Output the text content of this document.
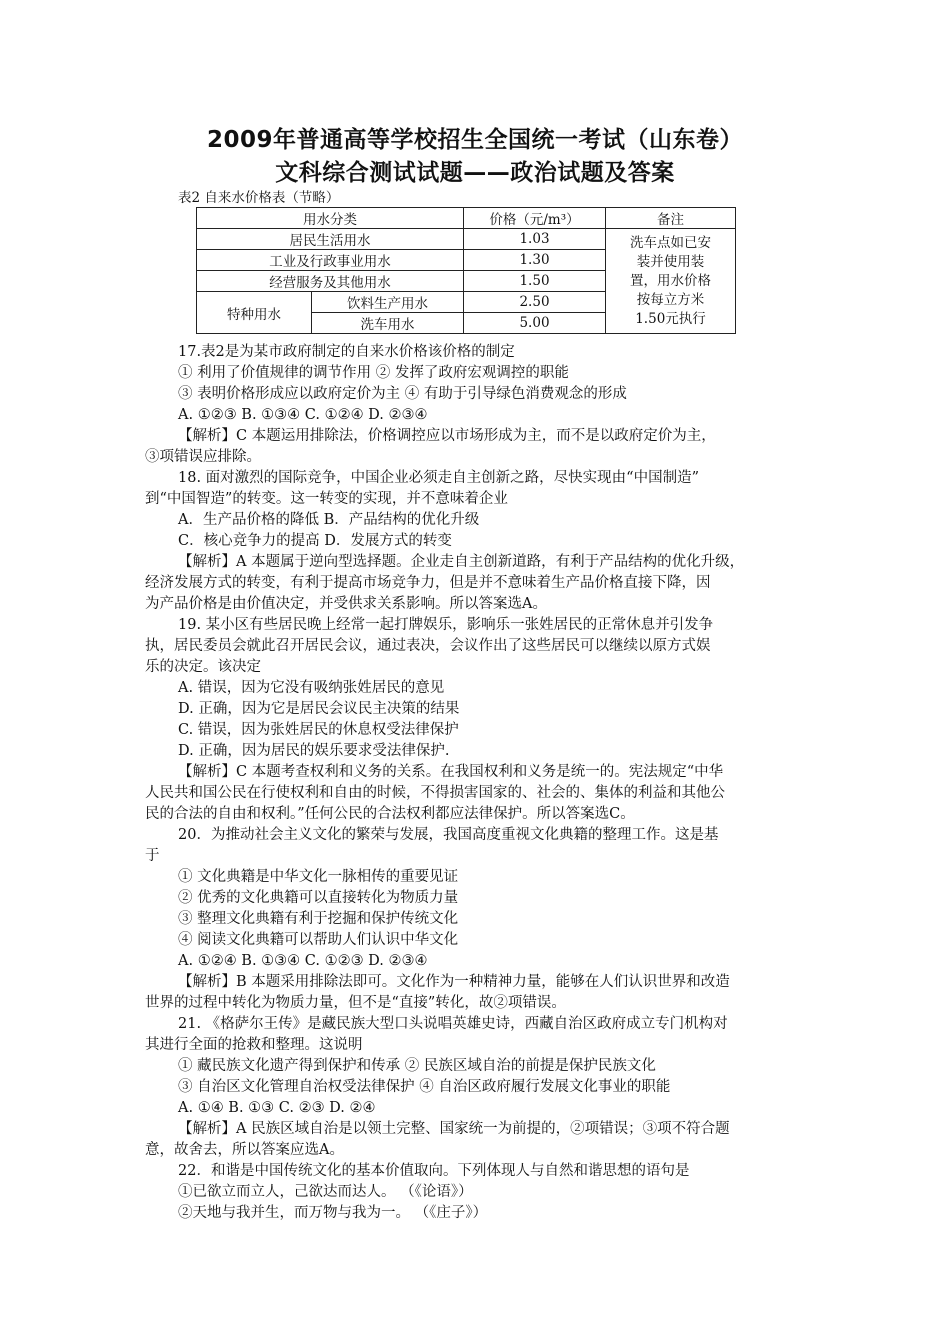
2009年普通高等学校招生全国统一考试（山东卷）
文科综合测试试题——政治试题及答案
表2 自来水价格表（节略）
用水分类		价格（元/m³）	备注
居民生活用水		1.03	洗车点如已安
装并使用装
置，用水价格
按每立方米
1.50元执行

工业及行政事业用水		1.30	
经营服务及其他用水		1.50	
特种用水	饮料生产用水	2.50	
	洗车用水	5.00	
17.表2是为某市政府制定的自来水价格该价格的制定
① 利用了价值规律的调节作用 ② 发挥了政府宏观调控的职能
③ 表明价格形成应以政府定价为主 ④ 有助于引导绿色消费观念的形成
A. ①②③ B. ①③④ C. ①②④ D. ②③④
【解析】C 本题运用排除法，价格调控应以市场形成为主，而不是以政府定价为主，
③项错误应排除。
18. 面对激烈的国际竞争，中国企业必须走自主创新之路，尽快实现由“中国制造”
到“中国智造”的转变。这一转变的实现，并不意味着企业
A．生产品价格的降低 B．产品结构的优化升级
C．核心竞争力的提高 D．发展方式的转变
【解析】A 本题属于逆向型选择题。企业走自主创新道路，有利于产品结构的优化升级，
经济发展方式的转变，有利于提高市场竞争力，但是并不意味着生产品价格直接下降，因
为产品价格是由价值决定，并受供求关系影响。所以答案选A。
19. 某小区有些居民晚上经常一起打牌娱乐，影响乐一张姓居民的正常休息并引发争
执，居民委员会就此召开居民会议，通过表决，会议作出了这些居民可以继续以原方式娱
乐的决定。该决定
A. 错误，因为它没有吸纳张姓居民的意见
D. 正确，因为它是居民会议民主决策的结果
C. 错误，因为张姓居民的休息权受法律保护
D. 正确，因为居民的娱乐要求受法律保护.
【解析】C 本题考查权利和义务的关系。在我国权利和义务是统一的。宪法规定“中华
人民共和国公民在行使权利和自由的时候，不得损害国家的、社会的、集体的利益和其他公
民的合法的自由和权利。”任何公民的合法权利都应法律保护。所以答案选C。
20．为推动社会主义文化的繁荣与发展，我国高度重视文化典籍的整理工作。这是基
于
① 文化典籍是中华文化一脉相传的重要见证
② 优秀的文化典籍可以直接转化为物质力量
③ 整理文化典籍有利于挖掘和保护传统文化
④ 阅读文化典籍可以帮助人们认识中华文化
A. ①②④ B. ①③④ C. ①②③ D. ②③④
【解析】B 本题采用排除法即可。文化作为一种精神力量，能够在人们认识世界和改造
世界的过程中转化为物质力量，但不是“直接”转化，故②项错误。
21. 《格萨尔王传》是藏民族大型口头说唱英雄史诗，西藏自治区政府成立专门机构对
其进行全面的抢救和整理。这说明
① 藏民族文化遗产得到保护和传承 ② 民族区域自治的前提是保护民族文化
③ 自治区文化管理自治权受法律保护 ④ 自治区政府履行发展文化事业的职能
A. ①④ B. ①③ C. ②③ D. ②④
【解析】A 民族区域自治是以领土完整、国家统一为前提的，②项错误；③项不符合题
意，故舍去，所以答案应选A。
22．和谐是中国传统文化的基本价值取向。下列体现人与自然和谐思想的语句是
①已欲立而立人，己欲达而达人。 （《论语》）
②天地与我并生，而万物与我为一。 （《庄子》）
